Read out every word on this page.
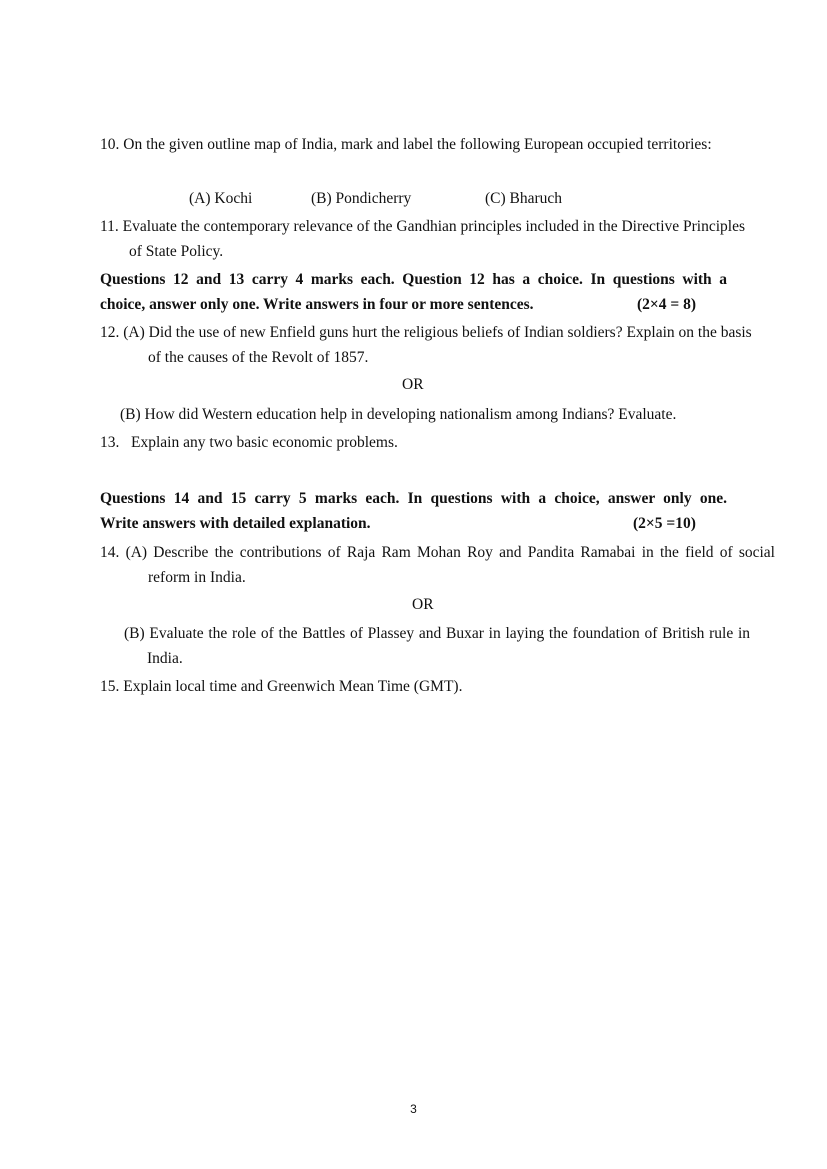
10. On the given outline map of India, mark and label the following European occupied territories:
(A) Kochi	(B) Pondicherry	(C) Bharuch
11. Evaluate the contemporary relevance of the Gandhian principles included in the Directive Principles of State Policy.
Questions 12 and 13 carry 4 marks each. Question 12 has a choice. In questions with a
choice, answer only one. Write answers in four or more sentences.	(2×4 = 8)
12. (A) Did the use of new Enfield guns hurt the religious beliefs of Indian soldiers? Explain on the basis of the causes of the Revolt of 1857.
OR
(B) How did Western education help in developing nationalism among Indians? Evaluate.
13.   Explain any two basic economic problems.
Questions 14 and 15 carry 5 marks each. In questions with a choice, answer only one.
Write answers with detailed explanation.	(2×5 =10)
14. (A) Describe the contributions of Raja Ram Mohan Roy and Pandita Ramabai in the field of social reform in India.
OR
(B) Evaluate the role of the Battles of Plassey and Buxar in laying the foundation of British rule in India.
15. Explain local time and Greenwich Mean Time (GMT).
3
